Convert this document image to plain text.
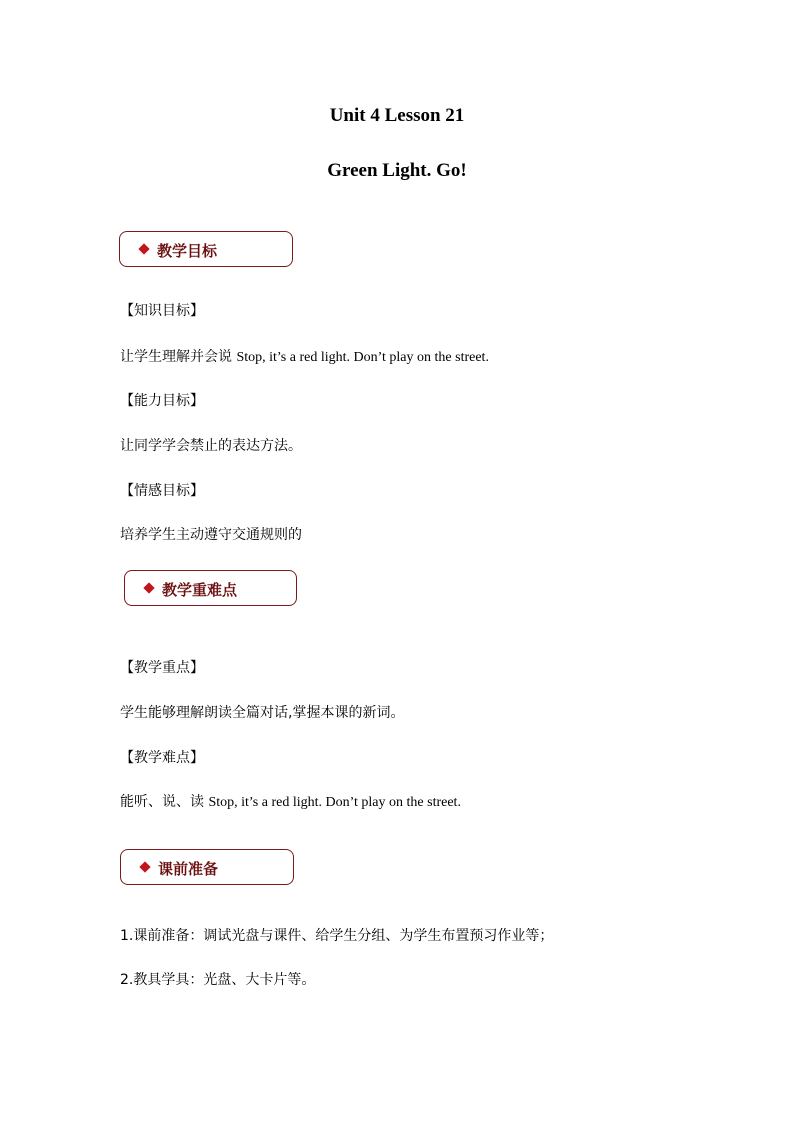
Unit 4 Lesson 21
Green Light. Go!
教学目标
【知识目标】
让学生理解并会说 Stop, it’s a red light. Don’t play on the street.
【能力目标】
让同学学会禁止的表达方法。
【情感目标】
培养学生主动遵守交通规则的
教学重难点
【教学重点】
学生能够理解朗读全篇对话,掌握本课的新词。
【教学难点】
能听、说、读 Stop, it’s a red light. Don’t play on the street.
课前准备
1.课前准备：调试光盘与课件、给学生分组、为学生布置预习作业等；
2.教具学具：光盘、大卡片等。
